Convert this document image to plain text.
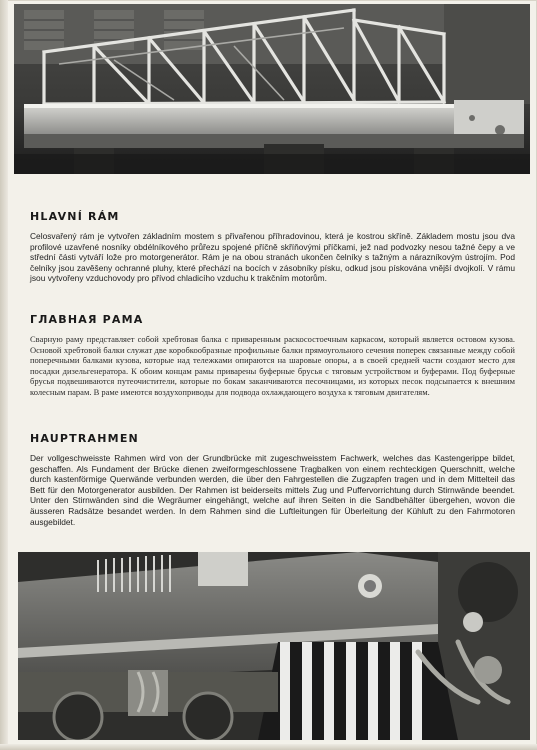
HLAVNÍ RÁM

Celosvařený rám je vytvořen základním mostem s přivařenou příhradovinou, která je kostrou skříně. Základem mostu jsou dva profilové uzavřené nosníky obdélníkového průřezu spojené příčně skříňovými příčkami, jež nad podvozky nesou tažné čepy a ve střední části vytváří lože pro motorgenerátor. Rám je na obou stranách ukončen čelníky s tažným a nárazníkovým ústrojím. Pod čelníky jsou zavěšeny ochranné pluhy, které přechází na bocích v zásobníky písku, odkud jsou pískována vnější dvojkolí. V rámu jsou vytvořeny vzduchovody pro přívod chladicího vzduchu k trakčním motorům.

ГЛАВНАЯ РАМА

Сварную раму представляет собой хребтовая балка с приваренным раскосостоечным каркасом, который является остовом кузова. Основой хребтовой балки служат две коробкообразные профильные балки прямоугольного сечения поперек связанные между собой поперечными балками кузова, которые над тележками опираются на шаровые опоры, а в своей средней части создают место для посадки дизельгенератора. К обоим концам рамы приварены буферные брусья с тяговым устройством и буферами. Под буферные брусья подвешиваются путеочистители, которые по бокам заканчиваются песочницами, из которых песок подсыпается к внешним колесным парам. В раме имеются воздухоприводы для подвода охлаждающего воздуха к тяговым двигателям.

HAUPTRAHMEN

Der vollgeschweisste Rahmen wird von der Grundbrücke mit zugeschweisstem Fachwerk, welches das Kastengerippe bildet, geschaffen. Als Fundament der Brücke dienen zweiformgeschlossene Tragbalken von einem rechteckigen Querschnitt, welche durch kastenförmige Querwände verbunden werden, die über den Fahrgestellen die Zugzapfen tragen und in dem Mittelteil das Bett für den Motorgenerator ausbilden. Der Rahmen ist beiderseits mittels Zug und Puffervorrichtung durch Stirnwände beendet. Unter den Stirnwänden sind die Wegräumer eingehängt, welche auf ihren Seiten in die Sandbehälter übergehen, wovon die äusseren Radsätze besandet werden. In dem Rahmen sind die Luftleitungen für Überleitung der Kühluft zu den Fahrmotoren ausgebildet.
